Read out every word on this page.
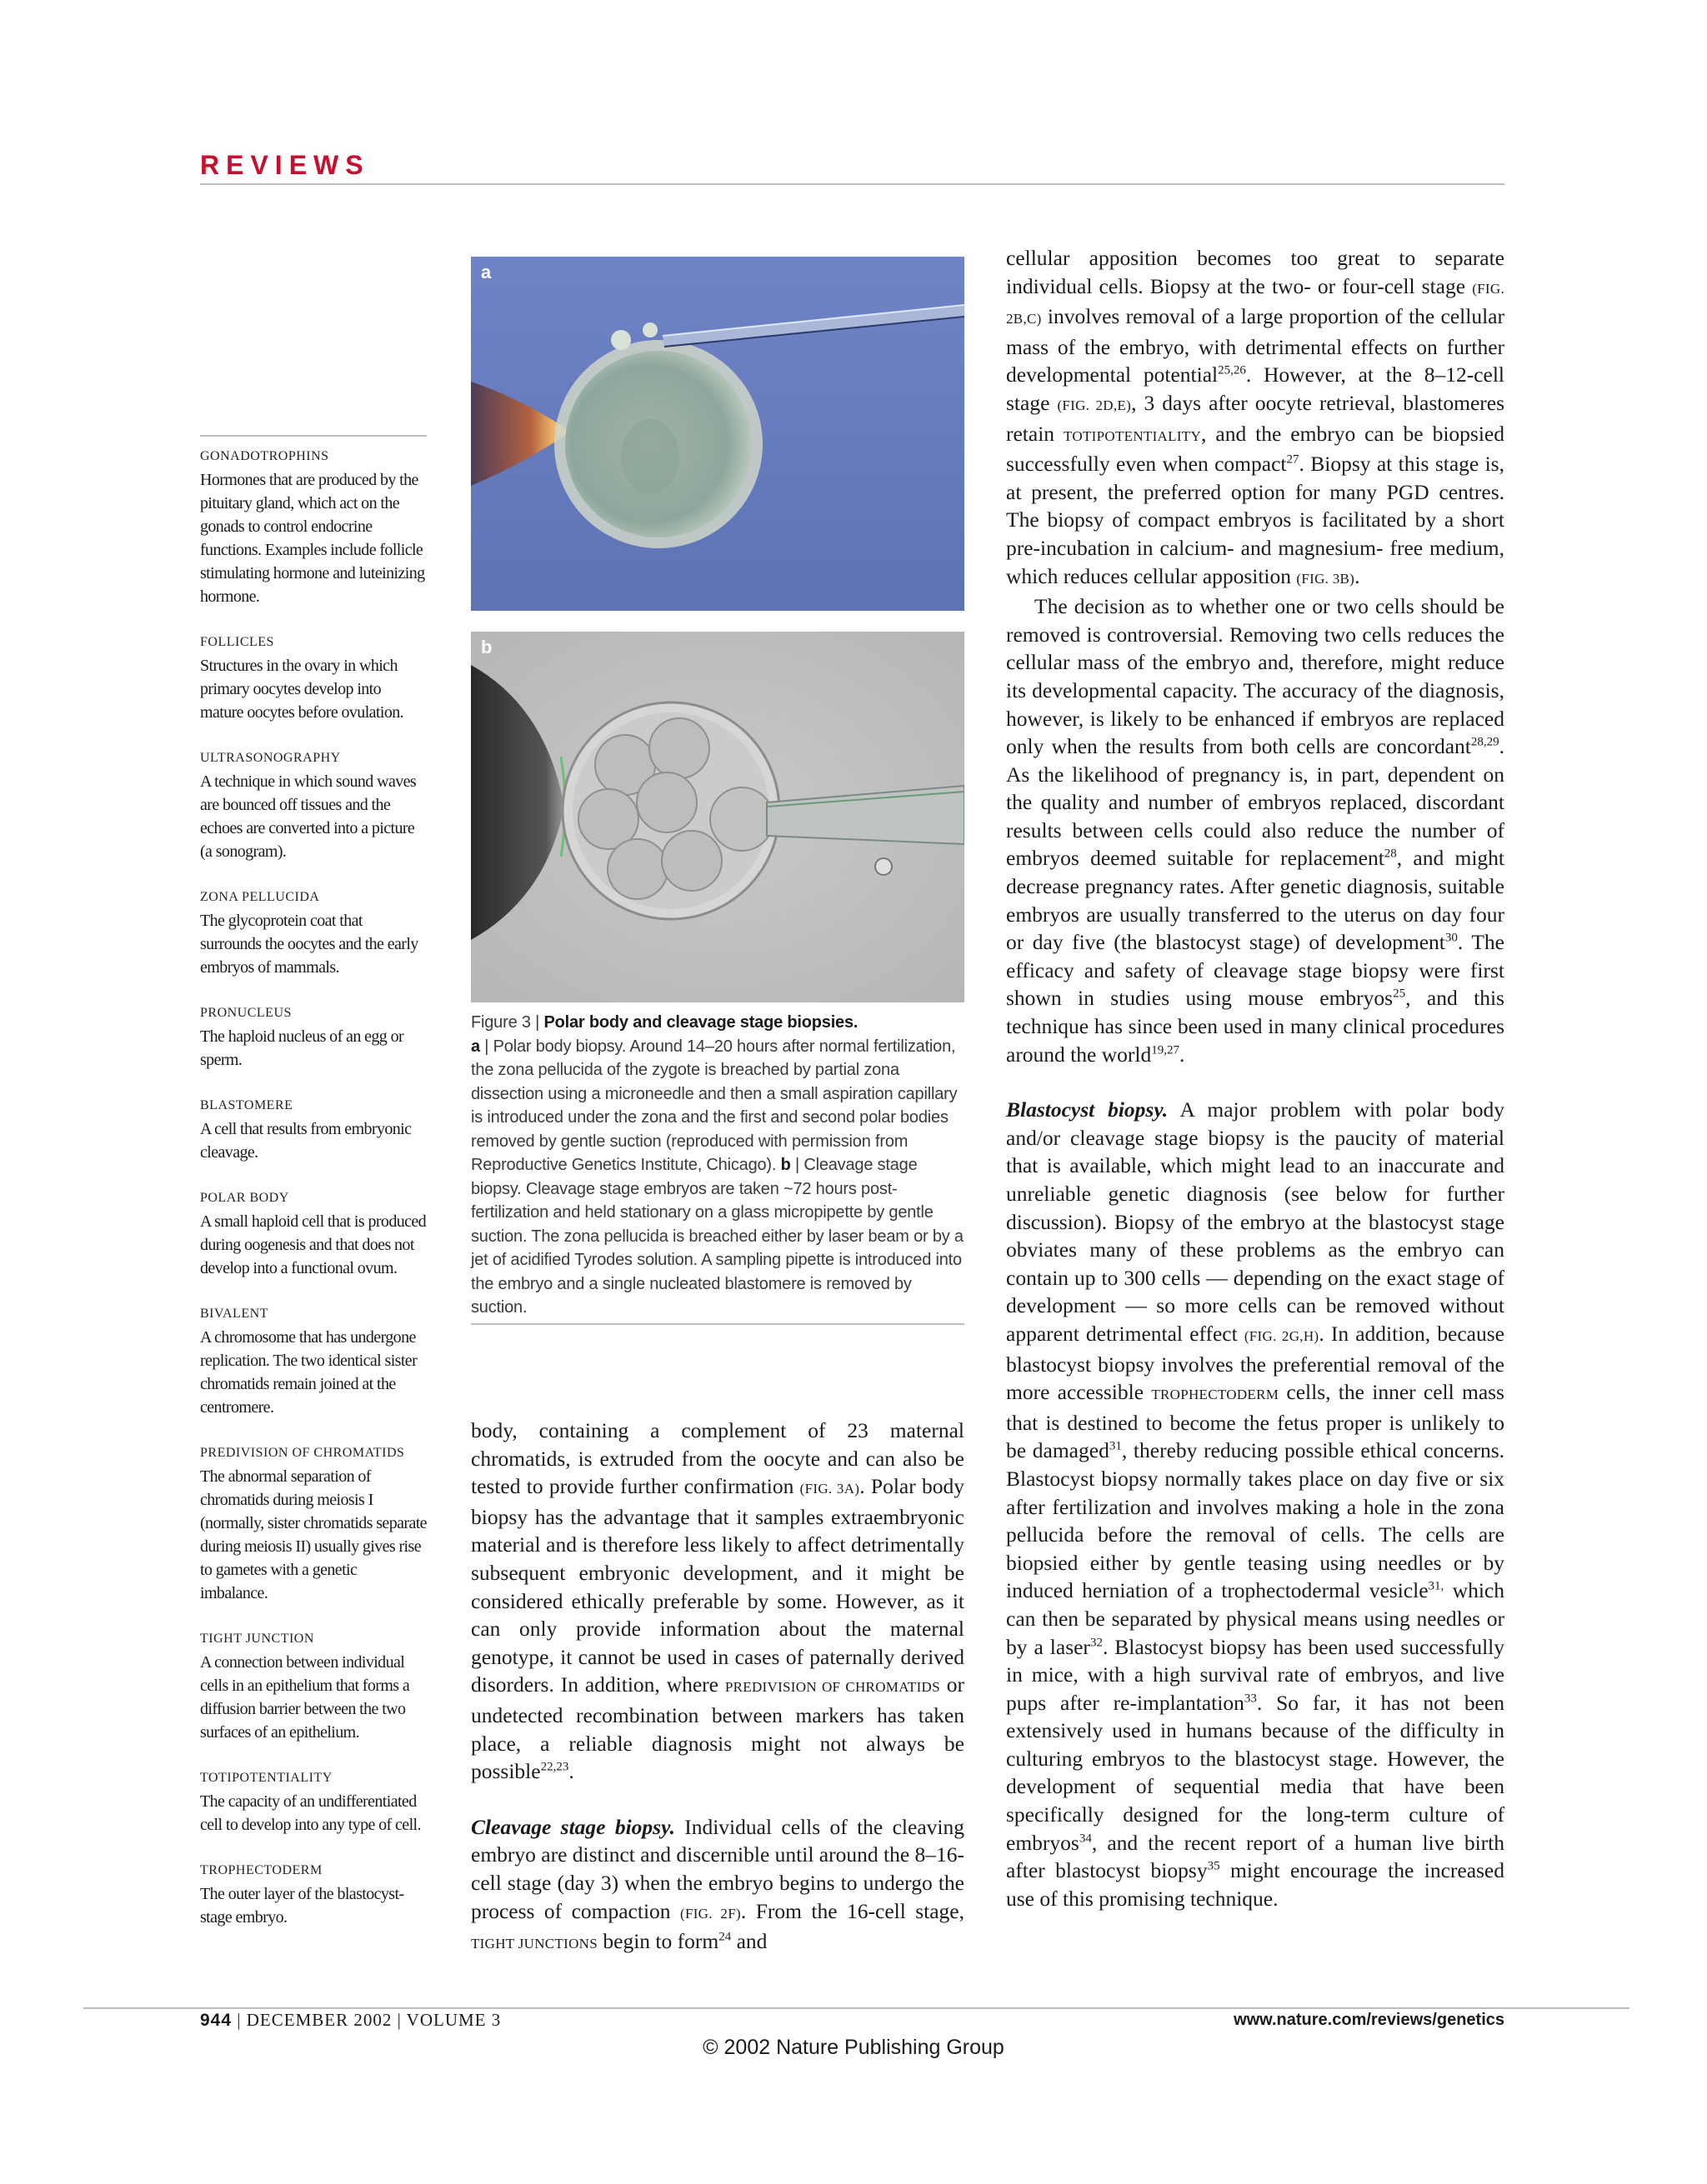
REVIEWS

GONADOTROPHINS

Hormones that are produced by the pituitary gland, which act on the gonads to control endocrine functions. Examples include follicle stimulating hormone and luteinizing hormone.

FOLLICLES

Structures in the ovary in which primary oocytes develop into mature oocytes before ovulation.

ULTRASONOGRAPHY

A technique in which sound waves are bounced off tissues and the echoes are converted into a picture (a sonogram).

ZONA PELLUCIDA

The glycoprotein coat that surrounds the oocytes and the early embryos of mammals.

PRONUCLEUS

The haploid nucleus of an egg or sperm.

BLASTOMERE

A cell that results from embryonic cleavage.

POLAR BODY

A small haploid cell that is produced during oogenesis and that does not develop into a functional ovum.

BIVALENT

A chromosome that has undergone replication. The two identical sister chromatids remain joined at the centromere.

PREDIVISION OF CHROMATIDS

The abnormal separation of chromatids during meiosis I (normally, sister chromatids separate during meiosis II) usually gives rise to gametes with a genetic imbalance.

TIGHT JUNCTION

A connection between individual cells in an epithelium that forms a diffusion barrier between the two surfaces of an epithelium.

TOTIPOTENTIALITY

The capacity of an undifferentiated cell to develop into any type of cell.

TROPHECTODERM

The outer layer of the blastocyst-stage embryo.

a
b
Figure 3 | Polar body and cleavage stage biopsies.
a | Polar body biopsy. Around 14–20 hours after normal fertilization, the zona pellucida of the zygote is breached by partial zona dissection using a microneedle and then a small aspiration capillary is introduced under the zona and the first and second polar bodies removed by gentle suction (reproduced with permission from Reproductive Genetics Institute, Chicago). b | Cleavage stage biopsy. Cleavage stage embryos are taken ~72 hours post-fertilization and held stationary on a glass micropipette by gentle suction. The zona pellucida is breached either by laser beam or by a jet of acidified Tyrodes solution. A sampling pipette is introduced into the embryo and a single nucleated blastomere is removed by suction.

body, containing a complement of 23 maternal chromatids, is extruded from the oocyte and can also be tested to provide further confirmation (FIG. 3A). Polar body biopsy has the advantage that it samples extraembryonic material and is therefore less likely to affect detrimentally subsequent embryonic development, and it might be considered ethically preferable by some. However, as it can only provide information about the maternal genotype, it cannot be used in cases of paternally derived disorders. In addition, where PREDIVISION OF CHROMATIDS or undetected recombination between markers has taken place, a reliable diagnosis might not always be possible$^{22,23}$.

Cleavage stage biopsy. Individual cells of the cleaving embryo are distinct and discernible until around the 8–16-cell stage (day 3) when the embryo begins to undergo the process of compaction (FIG. 2F). From the 16-cell stage, TIGHT JUNCTIONS begin to form$^{24}$ and

cellular apposition becomes too great to separate individual cells. Biopsy at the two- or four-cell stage (FIG. 2B,C) involves removal of a large proportion of the cellular mass of the embryo, with detrimental effects on further developmental potential$^{25,26}$. However, at the 8–12-cell stage (FIG. 2D,E), 3 days after oocyte retrieval, blastomeres retain TOTIPOTENTIALITY, and the embryo can be biopsied successfully even when compact$^{27}$. Biopsy at this stage is, at present, the preferred option for many PGD centres. The biopsy of compact embryos is facilitated by a short pre-incubation in calcium- and magnesium- free medium, which reduces cellular apposition (FIG. 3B).

The decision as to whether one or two cells should be removed is controversial. Removing two cells reduces the cellular mass of the embryo and, therefore, might reduce its developmental capacity. The accuracy of the diagnosis, however, is likely to be enhanced if embryos are replaced only when the results from both cells are concordant$^{28,29}$. As the likelihood of pregnancy is, in part, dependent on the quality and number of embryos replaced, discordant results between cells could also reduce the number of embryos deemed suitable for replacement$^{28}$, and might decrease pregnancy rates. After genetic diagnosis, suitable embryos are usually transferred to the uterus on day four or day five (the blastocyst stage) of development$^{30}$. The efficacy and safety of cleavage stage biopsy were first shown in studies using mouse embryos$^{25}$, and this technique has since been used in many clinical procedures around the world$^{19,27}$.

Blastocyst biopsy. A major problem with polar body and/or cleavage stage biopsy is the paucity of material that is available, which might lead to an inaccurate and unreliable genetic diagnosis (see below for further discussion). Biopsy of the embryo at the blastocyst stage obviates many of these problems as the embryo can contain up to 300 cells — depending on the exact stage of development — so more cells can be removed without apparent detrimental effect (FIG. 2G,H). In addition, because blastocyst biopsy involves the preferential removal of the more accessible TROPHECTODERM cells, the inner cell mass that is destined to become the fetus proper is unlikely to be damaged$^{31}$, thereby reducing possible ethical concerns. Blastocyst biopsy normally takes place on day five or six after fertilization and involves making a hole in the zona pellucida before the removal of cells. The cells are biopsied either by gentle teasing using needles or by induced herniation of a trophectodermal vesicle$^{31,}$ which can then be separated by physical means using needles or by a laser$^{32}$. Blastocyst biopsy has been used successfully in mice, with a high survival rate of embryos, and live pups after re-implantation$^{33}$. So far, it has not been extensively used in humans because of the difficulty in culturing embryos to the blastocyst stage. However, the development of sequential media that have been specifically designed for the long-term culture of embryos$^{34}$, and the recent report of a human live birth after blastocyst biopsy$^{35}$ might encourage the increased use of this promising technique.

944 | DECEMBER 2002 | VOLUME 3	www.nature.com/reviews/genetics
© 2002 Nature Publishing Group
